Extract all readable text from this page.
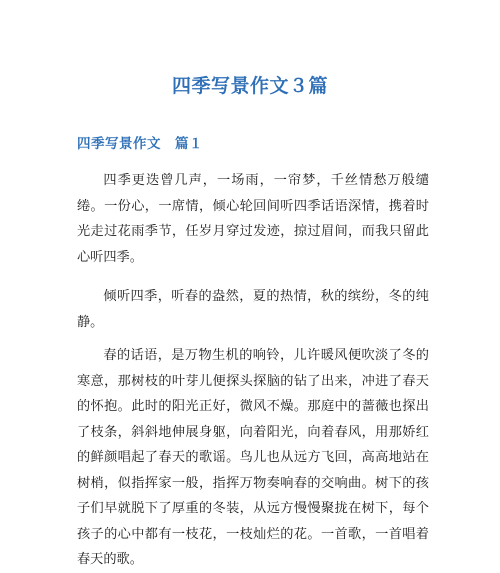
四季写景作文３篇
四季写景作文　篇１

四季更迭曾几声，一场雨，一帘梦，千丝情愁万般缱绻。一份心，一席情，倾心轮回间听四季话语深情，携着时光走过花雨季节，任岁月穿过发迹，掠过眉间，而我只留此心听四季。

倾听四季，听春的盎然，夏的热情，秋的缤纷，冬的纯静。

春的话语，是万物生机的响铃，儿许暖风便吹淡了冬的寒意，那树枝的叶芽儿便探头探脑的钻了出来，冲进了春天的怀抱。此时的阳光正好，微风不燥。那庭中的蔷薇也探出了枝条，斜斜地伸展身躯，向着阳光，向着春风，用那娇红的鲜颜唱起了春天的歌谣。鸟儿也从远方飞回，高高地站在树梢，似指挥家一般，指挥万物奏响春的交响曲。树下的孩子们早就脱下了厚重的冬装，从远方慢慢聚拢在树下，每个孩子的心中都有一枝花，一枝灿烂的花。一首歌，一首唱着春天的歌。
